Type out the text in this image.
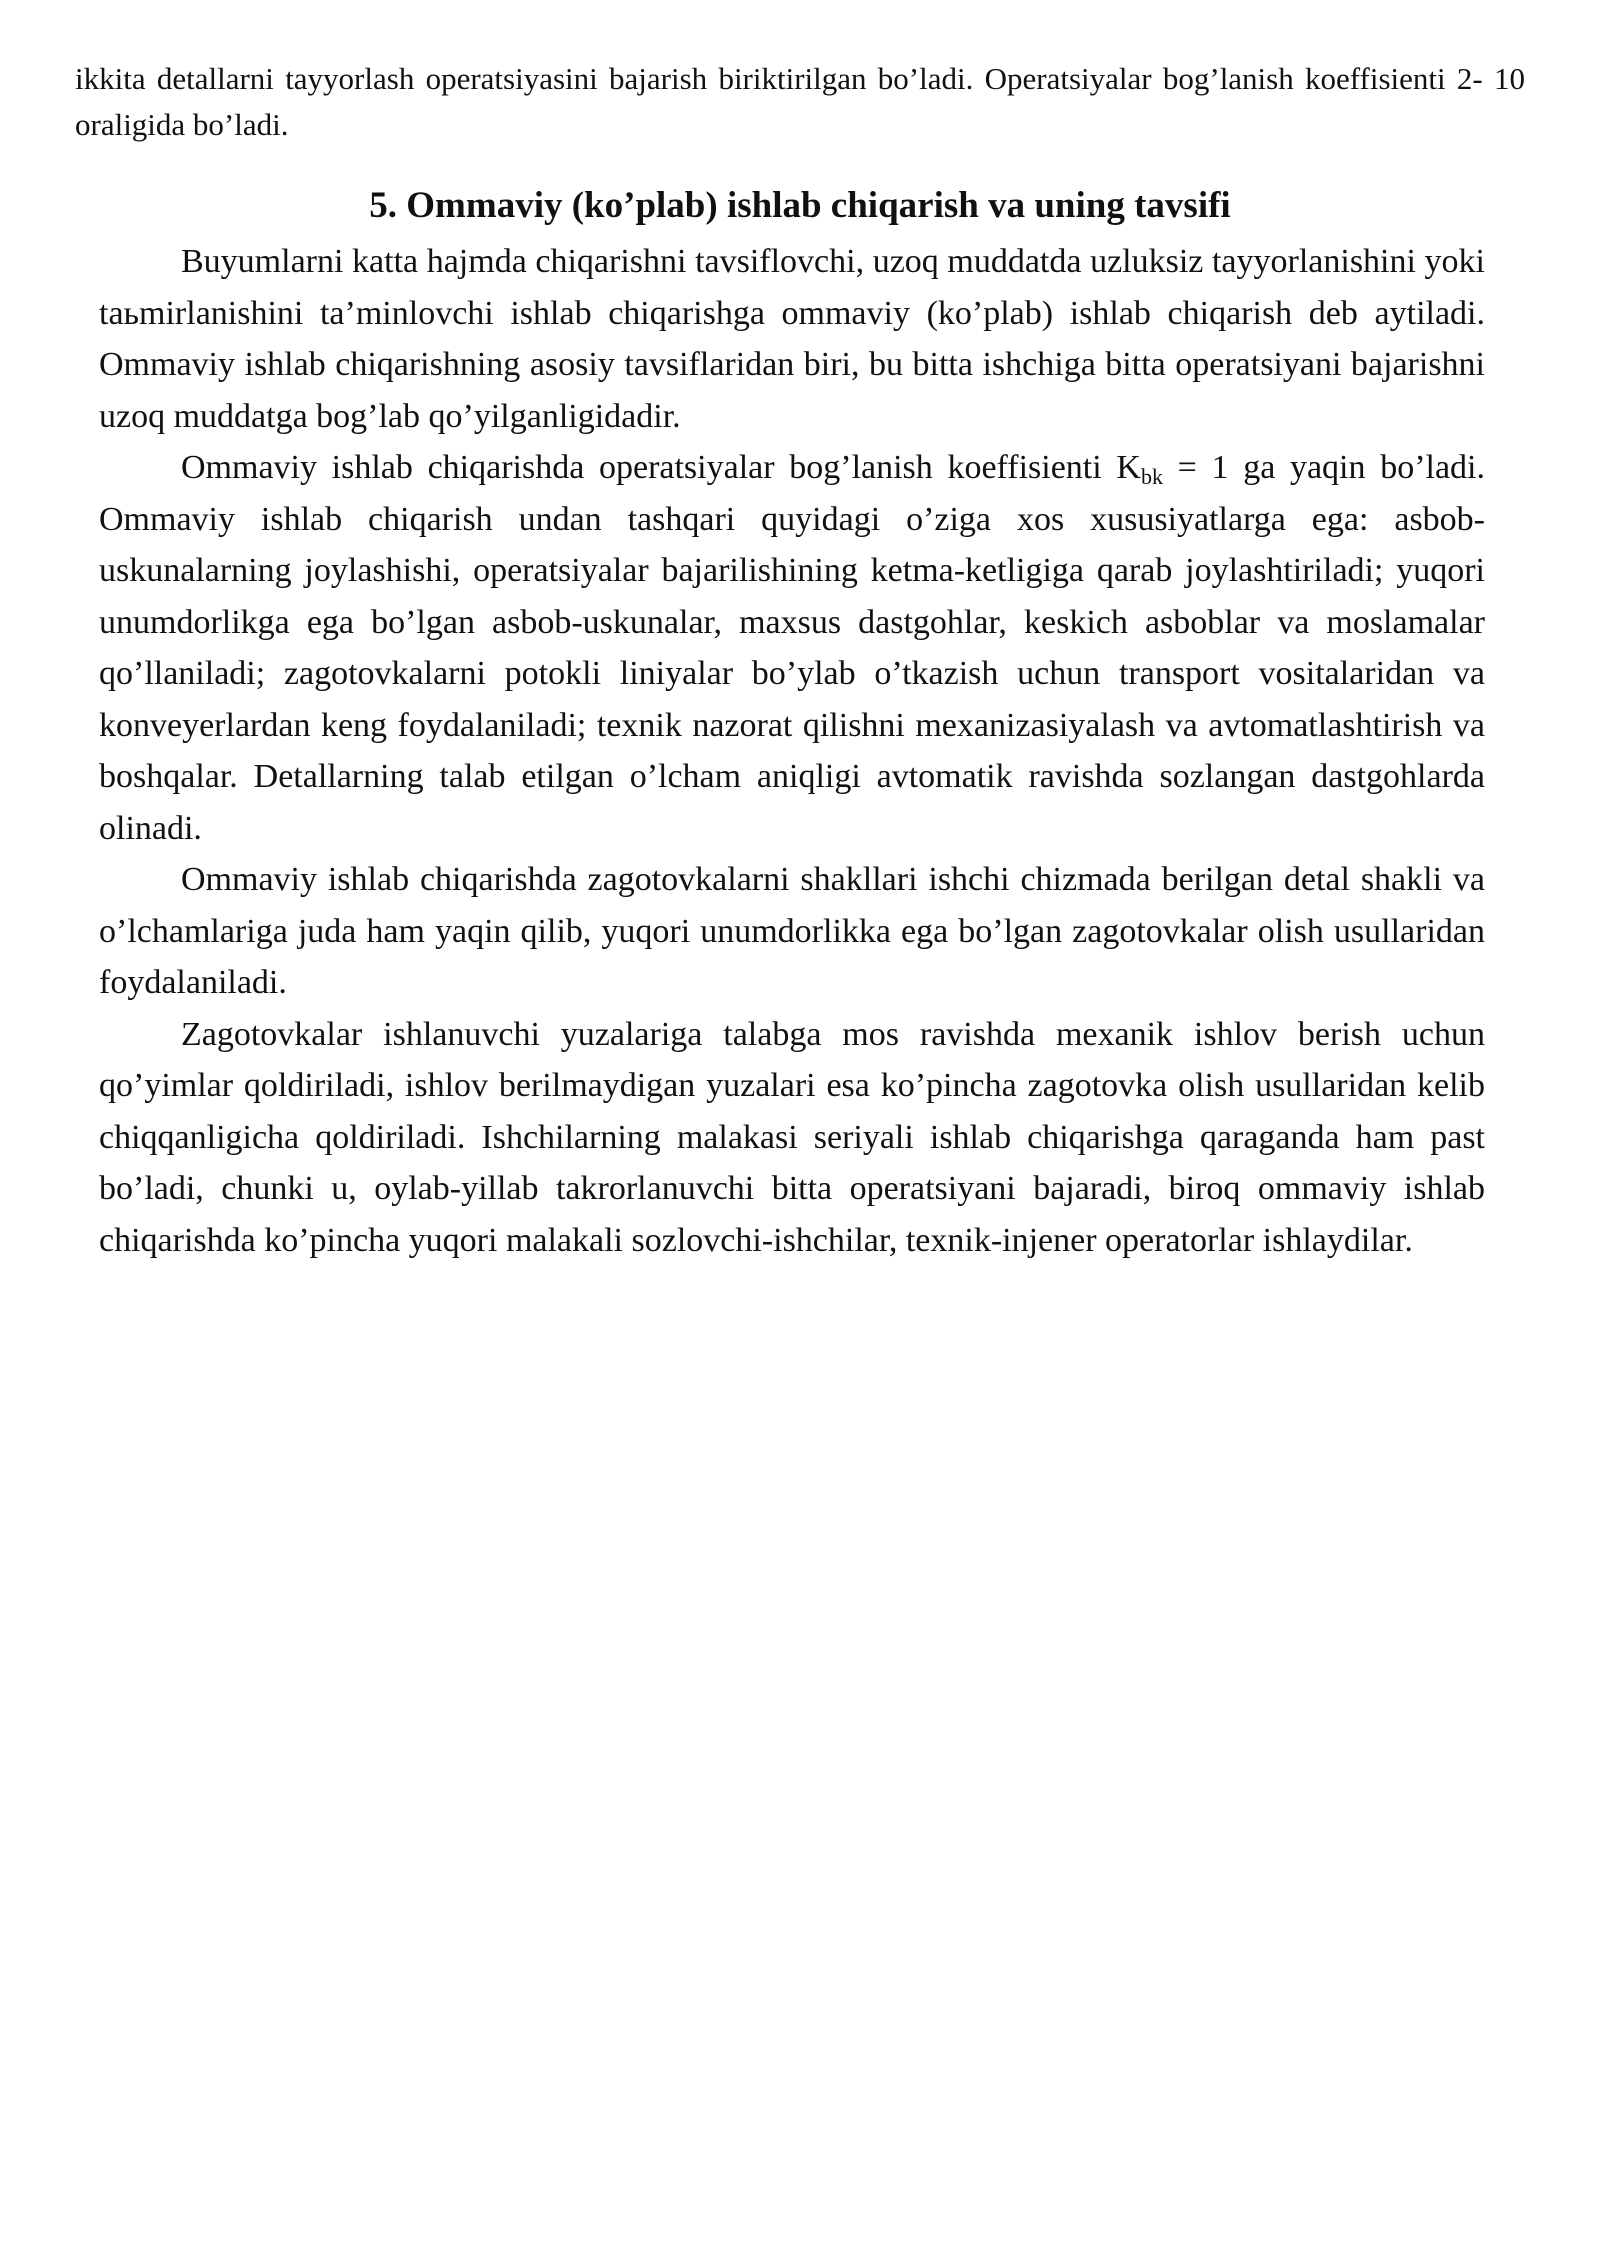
ikkita detallarni tayyorlash operatsiyasini bajarish biriktirilgan bo’ladi. Operatsiyalar bog’lanish koeffisienti 2- 10 oraligida bo’ladi.

5. Ommaviy (ko’plab) ishlab chiqarish va uning tavsifi

Buyumlarni katta hajmda chiqarishni tavsiflovchi, uzoq muddatda uzluksiz tayyorlanishini yoki taьmirlanishini ta’minlovchi ishlab chiqarishga ommaviy (ko’plab) ishlab chiqarish deb aytiladi. Ommaviy ishlab chiqarishning asosiy tavsiflaridan biri, bu bitta ishchiga bitta operatsiyani bajarishni uzoq muddatga bog’lab qo’yilganligidadir.

Ommaviy ishlab chiqarishda operatsiyalar bog’lanish koeffisienti $K_{bk} = 1$ ga yaqin bo’ladi. Ommaviy ishlab chiqarish undan tashqari quyidagi o’ziga xos xususiyatlarga ega: asbob-uskunalarning joylashishi, operatsiyalar bajarilishining ketma-ketligiga qarab joylashtiriladi; yuqori unumdorlikga ega bo’lgan asbob-uskunalar, maxsus dastgohlar, keskich asboblar va moslamalar qo’llaniladi; zagotovkalarni potokli liniyalar bo’ylab o’tkazish uchun transport vositalaridan va konveyerlardan keng foydalaniladi; texnik nazorat qilishni mexanizasiyalash va avtomatlashtirish va boshqalar. Detallarning talab etilgan o’lcham aniqligi avtomatik ravishda sozlangan dastgohlarda olinadi.

Ommaviy ishlab chiqarishda zagotovkalarni shakllari ishchi chizmada berilgan detal shakli va o’lchamlariga juda ham yaqin qilib, yuqori unumdorlikka ega bo’lgan zagotovkalar olish usullaridan foydalaniladi.

Zagotovkalar ishlanuvchi yuzalariga talabga mos ravishda mexanik ishlov berish uchun qo’yimlar qoldiriladi, ishlov berilmaydigan yuzalari esa ko’pincha zagotovka olish usullaridan kelib chiqqanligicha qoldiriladi. Ishchilarning malakasi seriyali ishlab chiqarishga qaraganda ham past bo’ladi, chunki u, oylab-yillab takrorlanuvchi bitta operatsiyani bajaradi, biroq ommaviy ishlab chiqarishda ko’pincha yuqori malakali sozlovchi-ishchilar, texnik-injener operatorlar ishlaydilar.
